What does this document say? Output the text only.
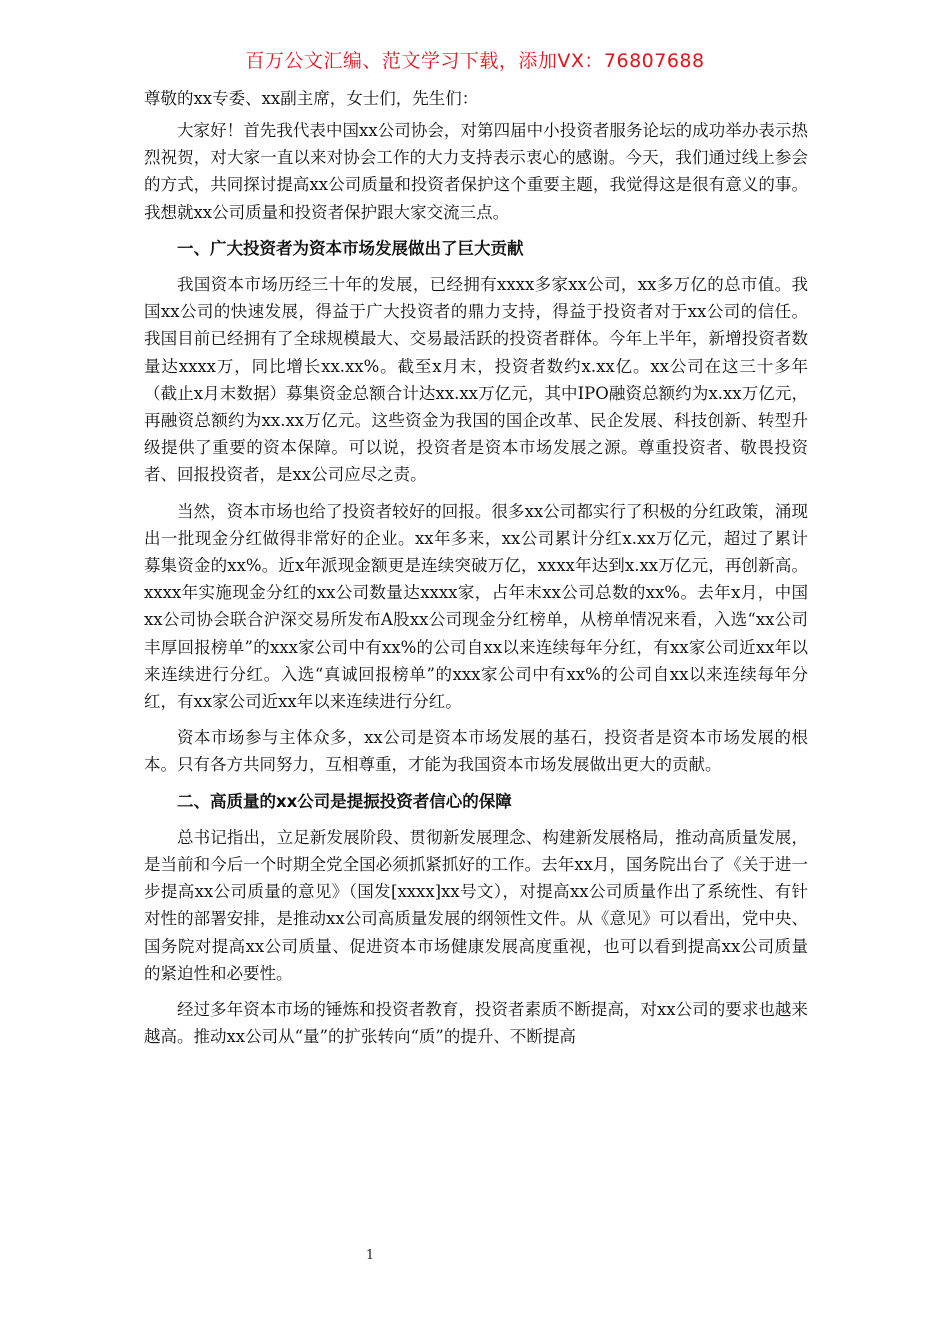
百万公文汇编、范文学习下载，添加VX：76807688

尊敬的xx专委、xx副主席，女士们，先生们：

大家好！首先我代表中国xx公司协会，对第四届中小投资者服务论坛的成功举办表示热烈祝贺，对大家一直以来对协会工作的大力支持表示衷心的感谢。今天，我们通过线上参会的方式，共同探讨提高xx公司质量和投资者保护这个重要主题，我觉得这是很有意义的事。我想就xx公司质量和投资者保护跟大家交流三点。

一、广大投资者为资本市场发展做出了巨大贡献

我国资本市场历经三十年的发展，已经拥有xxxx多家xx公司，xx多万亿的总市值。我国xx公司的快速发展，得益于广大投资者的鼎力支持，得益于投资者对于xx公司的信任。我国目前已经拥有了全球规模最大、交易最活跃的投资者群体。今年上半年，新增投资者数量达xxxx万，同比增长xx.xx%。截至x月末，投资者数约x.xx亿。xx公司在这三十多年（截止x月末数据）募集资金总额合计达xx.xx万亿元，其中IPO融资总额约为x.xx万亿元，再融资总额约为xx.xx万亿元。这些资金为我国的国企改革、民企发展、科技创新、转型升级提供了重要的资本保障。可以说，投资者是资本市场发展之源。尊重投资者、敬畏投资者、回报投资者，是xx公司应尽之责。

当然，资本市场也给了投资者较好的回报。很多xx公司都实行了积极的分红政策，涌现出一批现金分红做得非常好的企业。xx年多来，xx公司累计分红x.xx万亿元，超过了累计募集资金的xx%。近x年派现金额更是连续突破万亿，xxxx年达到x.xx万亿元，再创新高。xxxx年实施现金分红的xx公司数量达xxxx家，占年末xx公司总数的xx%。去年x月，中国xx公司协会联合沪深交易所发布A股xx公司现金分红榜单，从榜单情况来看，入选“xx公司丰厚回报榜单”的xxx家公司中有xx%的公司自xx以来连续每年分红，有xx家公司近xx年以来连续进行分红。入选“真诚回报榜单”的xxx家公司中有xx%的公司自xx以来连续每年分红，有xx家公司近xx年以来连续进行分红。

资本市场参与主体众多，xx公司是资本市场发展的基石，投资者是资本市场发展的根本。只有各方共同努力，互相尊重，才能为我国资本市场发展做出更大的贡献。

二、高质量的xx公司是提振投资者信心的保障

总书记指出，立足新发展阶段、贯彻新发展理念、构建新发展格局，推动高质量发展，是当前和今后一个时期全党全国必须抓紧抓好的工作。去年xx月，国务院出台了《关于进一步提高xx公司质量的意见》（国发[xxxx]xx号文），对提高xx公司质量作出了系统性、有针对性的部署安排，是推动xx公司高质量发展的纲领性文件。从《意见》可以看出，党中央、国务院对提高xx公司质量、促进资本市场健康发展高度重视，也可以看到提高xx公司质量的紧迫性和必要性。

经过多年资本市场的锤炼和投资者教育，投资者素质不断提高，对xx公司的要求也越来越高。推动xx公司从“量”的扩张转向“质”的提升、不断提高

1
